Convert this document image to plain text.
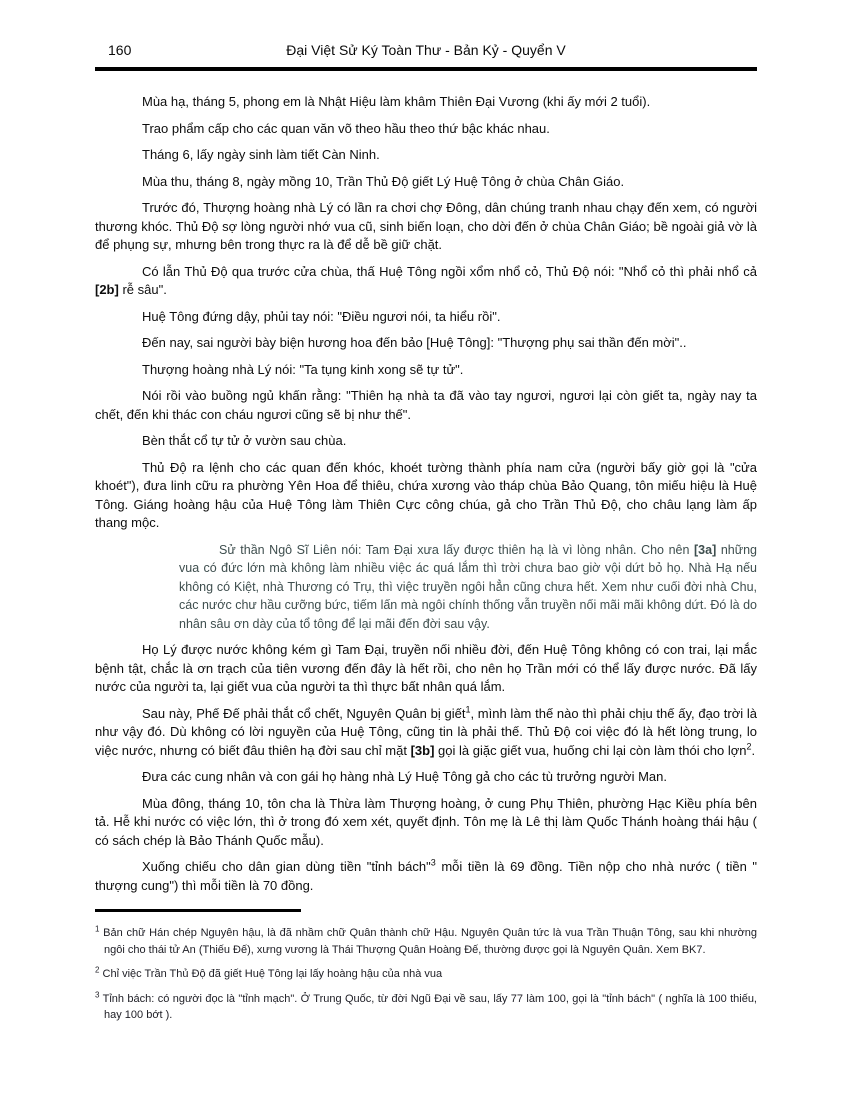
160	Đại Việt Sử Ký Toàn Thư - Bản Kỷ - Quyển V

Mùa hạ, tháng 5, phong em là Nhật Hiệu làm khâm Thiên Đại Vương (khi ấy mới 2 tuổi).

Trao phẩm cấp cho các quan văn võ theo hầu theo thứ bậc khác nhau.

Tháng 6, lấy ngày sinh làm tiết Càn Ninh.

Mùa thu, tháng 8, ngày mồng 10, Trần Thủ Độ giết Lý Huệ Tông ở chùa Chân Giáo.

Trước đó, Thượng hoàng nhà Lý có lần ra chơi chợ Đông, dân chúng tranh nhau chạy đến xem, có người thương khóc. Thủ Độ sợ lòng người nhớ vua cũ, sinh biến loạn, cho dời đến ở chùa Chân Giáo; bề ngoài giả vờ là để phụng sự, mhưng bên trong thực ra là để dễ bề giữ chặt.

Có lẫn Thủ Độ qua trước cửa chùa, thấ Huệ Tông ngồi xổm nhổ cỏ, Thủ Độ nói: "Nhổ cỏ thì phải nhổ cả [2b] rễ sâu".

Huệ Tông đứng dậy, phủi tay nói: "Điều ngươi nói, ta hiểu rồi".

Đến nay, sai người bày biện hương hoa đến bảo [Huệ Tông]: "Thượng phụ sai thần đến mời"..

Thượng hoàng nhà Lý nói: "Ta tụng kinh xong sẽ tự tử".

Nói rồi vào buồng ngủ khấn rằng: "Thiên hạ nhà ta đã vào tay ngươi, ngươi lại còn giết ta, ngày nay ta chết, đến khi thác con cháu ngươi cũng sẽ bị như thế".

Bèn thắt cổ tự tử ở vườn sau chùa.

Thủ Độ ra lệnh cho các quan đến khóc, khoét tường thành phía nam cửa (người bấy giờ gọi là "cửa khoét"), đưa linh cữu ra phường Yên Hoa để thiêu, chứa xương vào tháp chùa Bảo Quang, tôn miếu hiệu là Huệ Tông. Giáng hoàng hậu của Huệ Tông làm Thiên Cực công chúa, gả cho Trần Thủ Độ, cho châu lạng làm ấp thang mộc.

Sử thần Ngô Sĩ Liên nói: Tam Đại xưa lấy được thiên hạ là vì lòng nhân. Cho nên [3a] những vua có đức lớn mà không làm nhiều việc ác quá lắm thì trời chưa bao giờ vội dứt bỏ họ. Nhà Hạ nếu không có Kiệt, nhà Thương có Trụ, thì việc truyền ngôi hẳn cũng chưa hết. Xem như cuối đời nhà Chu, các nước chư hầu cưỡng bức, tiếm lấn mà ngôi chính thống vẫn truyền nối mãi mãi không dứt. Đó là do nhân sâu ơn dày của tổ tông để lại mãi đến đời sau vậy.

Họ Lý được nước không kém gì Tam Đại, truyền nối nhiều đời, đến Huệ Tông không có con trai, lại mắc bệnh tật, chắc là ơn trạch của tiên vương đến đây là hết rồi, cho nên họ Trần mới có thể lấy được nước. Đã lấy nước của người ta, lại giết vua của người ta thì thực bất nhân quá lắm.

Sau này, Phế Đế phải thắt cổ chết, Nguyên Quân bị giết$^1$, mình làm thế nào thì phải chịu thế ấy, đạo trời là như vậy đó. Dù không có lời nguyền của Huệ Tông, cũng tin là phải thế. Thủ Độ coi việc đó là hết lòng trung, lo việc nước, nhưng có biết đâu thiên hạ đời sau chỉ mặt [3b] gọi là giặc giết vua, huống chi lại còn làm thói cho lợn$^2$.

Đưa các cung nhân và con gái họ hàng nhà Lý Huệ Tông gả cho các tù trưởng người Man.

Mùa đông, tháng 10, tôn cha là Thừa làm Thượng hoàng, ở cung Phụ Thiên, phường Hạc Kiều phía bên tả. Hễ khi nước có việc lớn, thì ở trong đó xem xét, quyết định. Tôn mẹ là Lê thị làm Quốc Thánh hoàng thái hậu ( có sách chép là Bảo Thánh Quốc mẫu).

Xuống chiếu cho dân gian dùng tiền "tỉnh bách"$^3$ mỗi tiền là 69 đồng. Tiền nộp cho nhà nước ( tiền " thượng cung") thì mỗi tiền là 70 đồng.

$^1$ Bản chữ Hán chép Nguyên hậu, là đã nhầm chữ Quân thành chữ Hậu. Nguyên Quân tức là vua Trần Thuận Tông, sau khi nhường ngôi cho thái tử An (Thiếu Đế), xưng vương là Thái Thượng Quân Hoàng Đế, thường được gọi là Nguyên Quân. Xem BK7.

$^2$ Chỉ việc Trần Thủ Độ đã giết Huệ Tông lại lấy hoàng hậu của nhà vua

$^3$ Tỉnh bách: có người đọc là "tỉnh mạch". Ở Trung Quốc, từ đời Ngũ Đại về sau, lấy 77 làm 100, gọi là "tỉnh bách" ( nghĩa là 100 thiếu, hay 100 bớt ).
